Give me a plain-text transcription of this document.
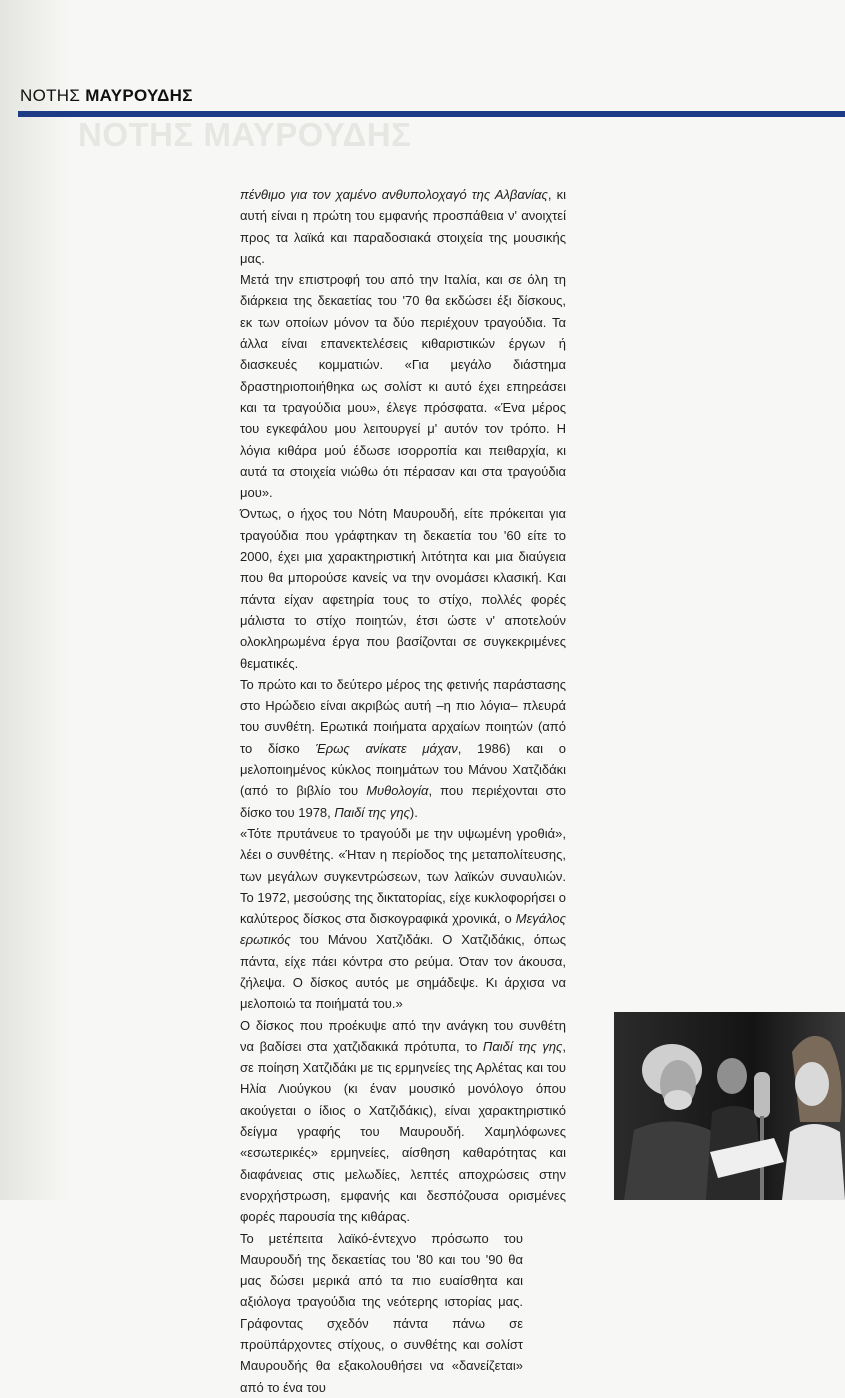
ΝΟΤΗΣ ΜΑΥΡΟΥΔΗΣ
ΝΟΤΗΣ ΜΑΥΡΟΥΔΗΣ

πένθιμο για τον χαμένο ανθυπολοχαγό της Αλβανίας, κι αυτή είναι η πρώτη του εμφανής προσπάθεια ν' ανοιχτεί προς τα λαϊκά και παραδοσιακά στοιχεία της μουσικής μας.

Μετά την επιστροφή του από την Ιταλία, και σε όλη τη διάρκεια της δεκαετίας του '70 θα εκδώσει έξι δίσκους, εκ των οποίων μόνον τα δύο περιέχουν τραγούδια. Τα άλλα είναι επανεκτελέσεις κιθαριστικών έργων ή διασκευές κομματιών. «Για μεγάλο διάστημα δραστηριοποιήθηκα ως σολίστ κι αυτό έχει επηρεάσει και τα τραγούδια μου», έλεγε πρόσφατα. «Ένα μέρος του εγκεφάλου μου λειτουργεί μ' αυτόν τον τρόπο. Η λόγια κιθάρα μού έδωσε ισορροπία και πειθαρχία, κι αυτά τα στοιχεία νιώθω ότι πέρασαν και στα τραγούδια μου».

Όντως, ο ήχος του Νότη Μαυρουδή, είτε πρόκειται για τραγούδια που γράφτηκαν τη δεκαετία του '60 είτε το 2000, έχει μια χαρακτηριστική λιτότητα και μια διαύγεια που θα μπορούσε κανείς να την ονομάσει κλασική. Και πάντα είχαν αφετηρία τους το στίχο, πολλές φορές μάλιστα το στίχο ποιητών, έτσι ώστε ν' αποτελούν ολοκληρωμένα έργα που βασίζονται σε συγκεκριμένες θεματικές.

Το πρώτο και το δεύτερο μέρος της φετινής παράστασης στο Ηρώδειο είναι ακριβώς αυτή –η πιο λόγια– πλευρά του συνθέτη. Ερωτικά ποιήματα αρχαίων ποιητών (από το δίσκο Έρως ανίκατε μάχαν, 1986) και ο μελοποιημένος κύκλος ποιημάτων του Μάνου Χατζιδάκι (από το βιβλίο του Μυθολογία, που περιέχονται στο δίσκο του 1978, Παιδί της γης).

«Τότε πρυτάνευε το τραγούδι με την υψωμένη γροθιά», λέει ο συνθέτης. «Ήταν η περίοδος της μεταπολίτευσης, των μεγάλων συγκεντρώσεων, των λαϊκών συναυλιών. Το 1972, μεσούσης της δικτατορίας, είχε κυκλοφορήσει ο καλύτερος δίσκος στα δισκογραφικά χρονικά, ο Μεγάλος ερωτικός του Μάνου Χατζιδάκι. Ο Χατζιδάκις, όπως πάντα, είχε πάει κόντρα στο ρεύμα. Όταν τον άκουσα, ζήλεψα. Ο δίσκος αυτός με σημάδεψε. Κι άρχισα να μελοποιώ τα ποιήματά του.»

Ο δίσκος που προέκυψε από την ανάγκη του συνθέτη να βαδίσει στα χατζιδακικά πρότυπα, το Παιδί της γης, σε ποίηση Χατζιδάκι με τις ερμηνείες της Αρλέτας και του Ηλία Λιούγκου (κι έναν μουσικό μονόλογο όπου ακούγεται ο ίδιος ο Χατζιδάκις), είναι χαρακτηριστικό δείγμα γραφής του Μαυρουδή. Χαμηλόφωνες «εσωτερικές» ερμηνείες, αίσθηση καθαρότητας και διαφάνειας στις μελωδίες, λεπτές αποχρώσεις στην ενορχήστρωση, εμφανής και δεσπόζουσα ορισμένες φορές παρουσία της κιθάρας.

Το μετέπειτα λαϊκό-έντεχνο πρόσωπο του Μαυρουδή της δεκαετίας του '80 και του '90 θα μας δώσει μερικά από τα πιο ευαίσθητα και αξιόλογα τραγούδια της νεότερης ιστορίας μας. Γράφοντας σχεδόν πάντα πάνω σε προϋπάρχοντες στίχους, ο συνθέτης και σολίστ Μαυρουδής θα εξακολουθήσει να «δανείζεται» από το ένα του
